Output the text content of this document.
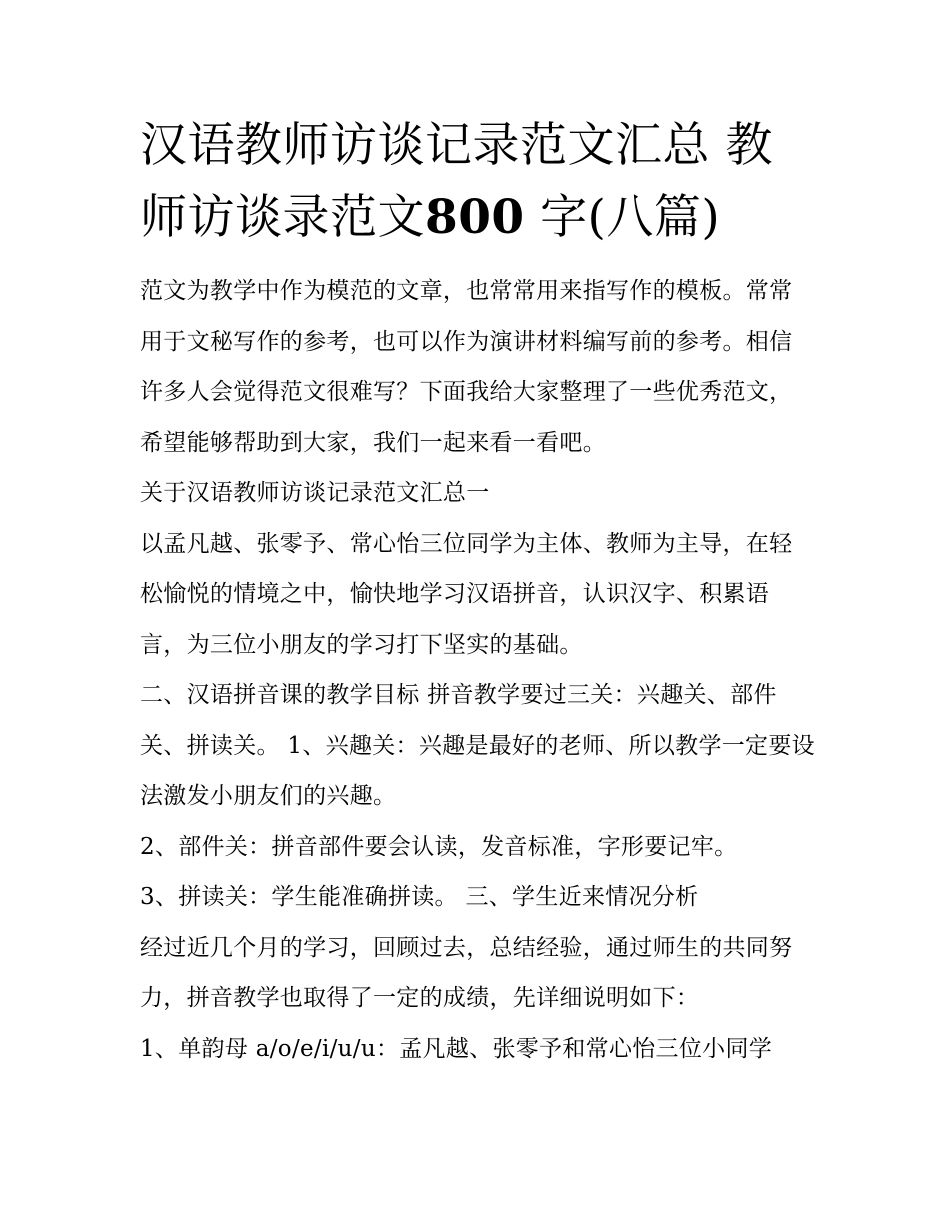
汉语教师访谈记录范文汇总 教师访谈录范文800 字(八篇)

范文为教学中作为模范的文章，也常常用来指写作的模板。常常用于文秘写作的参考，也可以作为演讲材料编写前的参考。相信许多人会觉得范文很难写？下面我给大家整理了一些优秀范文，希望能够帮助到大家，我们一起来看一看吧。

关于汉语教师访谈记录范文汇总一

以孟凡越、张零予、常心怡三位同学为主体、教师为主导，在轻松愉悦的情境之中，愉快地学习汉语拼音，认识汉字、积累语言，为三位小朋友的学习打下坚实的基础。

二、汉语拼音课的教学目标 拼音教学要过三关：兴趣关、部件关、拼读关。 1、兴趣关：兴趣是最好的老师、所以教学一定要设法激发小朋友们的兴趣。

2、部件关：拼音部件要会认读，发音标准，字形要记牢。

3、拼读关：学生能准确拼读。 三、学生近来情况分析

经过近几个月的学习，回顾过去，总结经验，通过师生的共同努力，拼音教学也取得了一定的成绩，先详细说明如下：

1、单韵母 a/o/e/i/u/u：孟凡越、张零予和常心怡三位小同学
